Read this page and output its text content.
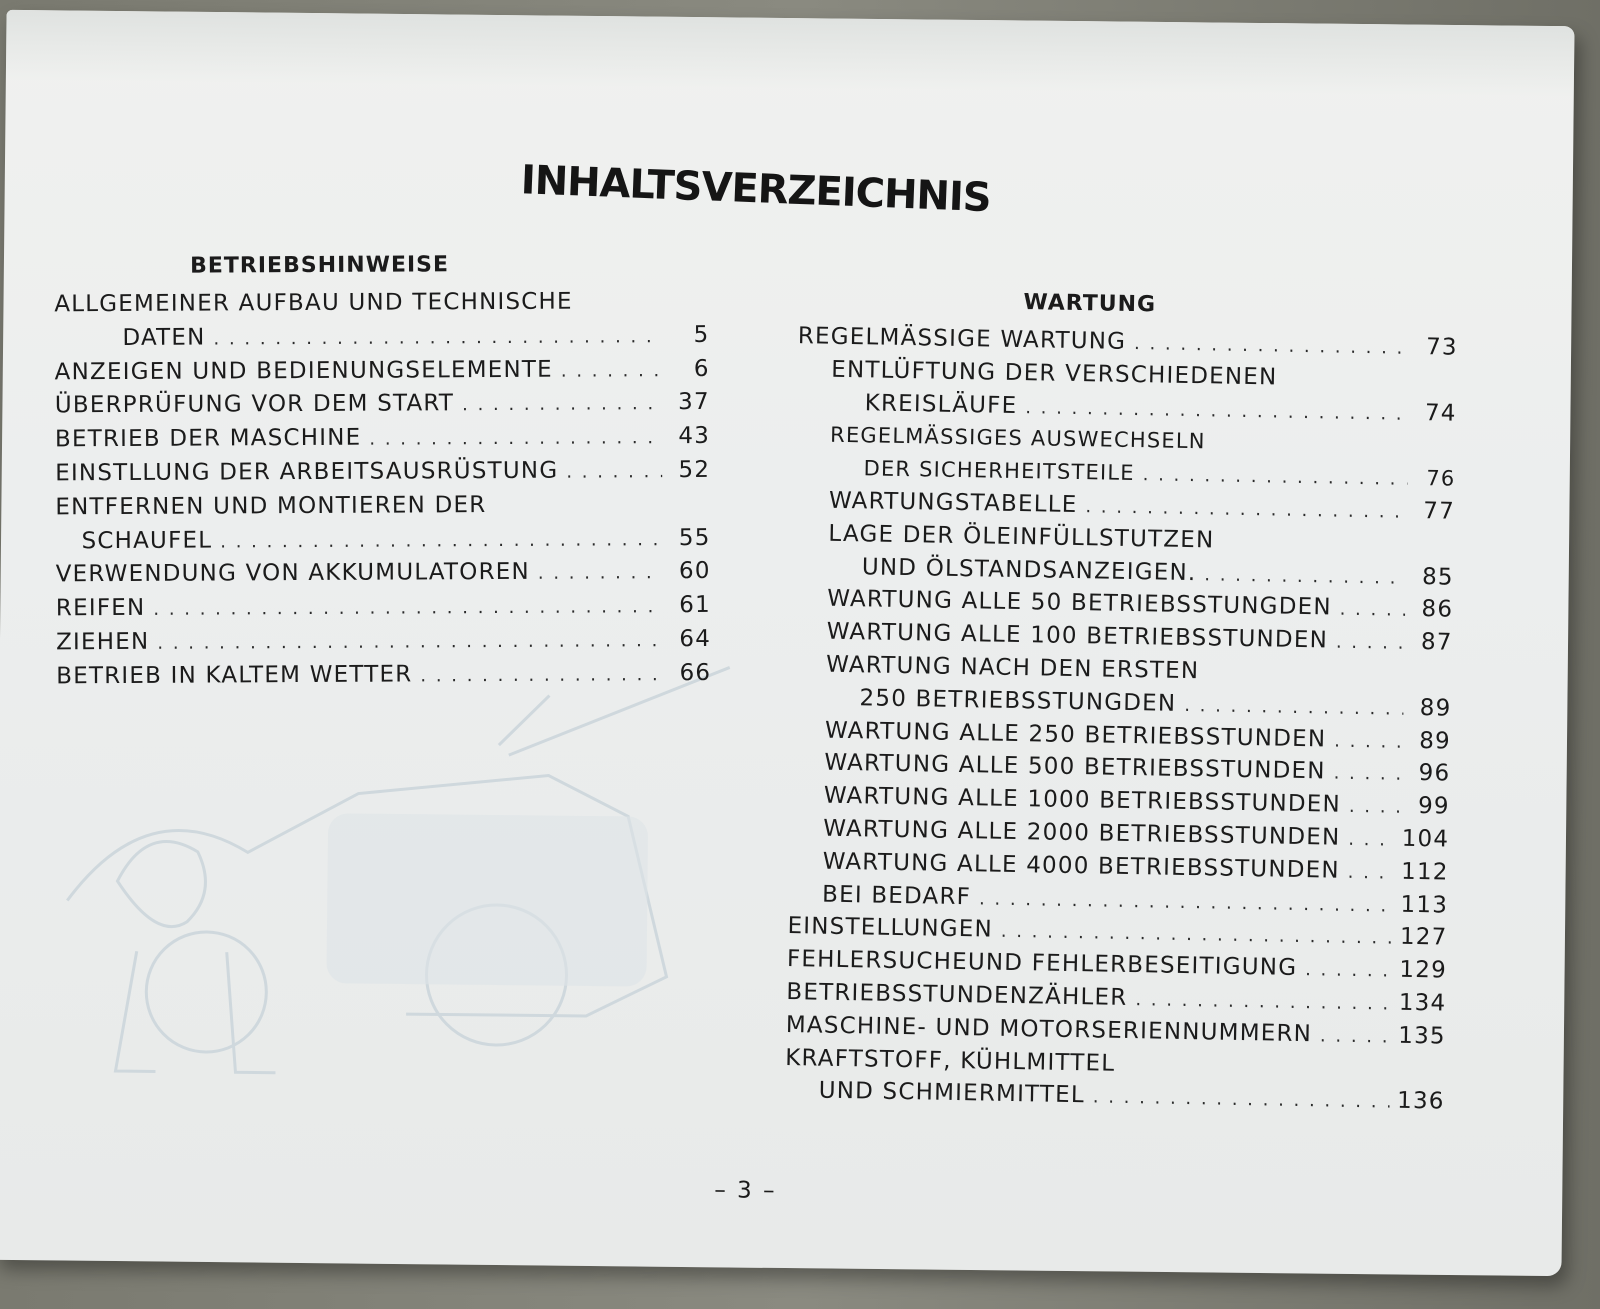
INHALTSVERZEICHNIS
BETRIEBSHINWEISE
ALLGEMEINER AUFBAU UND TECHNISCHE
DATEN . . .	5
ANZEIGEN UND BEDIENUNGSELEMENTE . . .	6
ÜBERPRÜFUNG VOR DEM START . . .	37
BETRIEB DER MASCHINE . . .	43
EINSTLLUNG DER ARBEITSAUSRÜSTUNG . . .	52
ENTFERNEN UND MONTIEREN DER
SCHAUFEL . . .	55
VERWENDUNG VON AKKUMULATOREN . . .	60
REIFEN . . .	61
ZIEHEN . . .	64
BETRIEB IN KALTEM WETTER . . .	66
WARTUNG
REGELMÄSSIGE WARTUNG . . .	73
ENTLÜFTUNG DER VERSCHIEDENEN
KREISLÄUFE . . .	74
REGELMÄSSIGES AUSWECHSELN
DER SICHERHEITSTEILE . . .	76
WARTUNGSTABELLE . . .	77
LAGE DER ÖLEINFÜLLSTUTZEN
UND ÖLSTANDSANZEIGEN. . . .	85
WARTUNG ALLE 50 BETRIEBSSTUNGDEN . . .	86
WARTUNG ALLE 100 BETRIEBSSTUNDEN . . .	87
WARTUNG NACH DEN ERSTEN
250 BETRIEBSSTUNGDEN . . .	89
WARTUNG ALLE 250 BETRIEBSSTUNDEN . . .	89
WARTUNG ALLE 500 BETRIEBSSTUNDEN . . .	96
WARTUNG ALLE 1000 BETRIEBSSTUNDEN . . .	99
WARTUNG ALLE 2000 BETRIEBSSTUNDEN . . .	104
WARTUNG ALLE 4000 BETRIEBSSTUNDEN . . .	112
BEI BEDARF . . .	113
EINSTELLUNGEN . . .	127
FEHLERSUCHEUND FEHLERBESEITIGUNG . . .	129
BETRIEBSSTUNDENZÄHLER . . .	134
MASCHINE- UND MOTORSERIENNUMMERN . . .	135
KRAFTSTOFF, KÜHLMITTEL
UND SCHMIERMITTEL . . .	136
– 3 –
